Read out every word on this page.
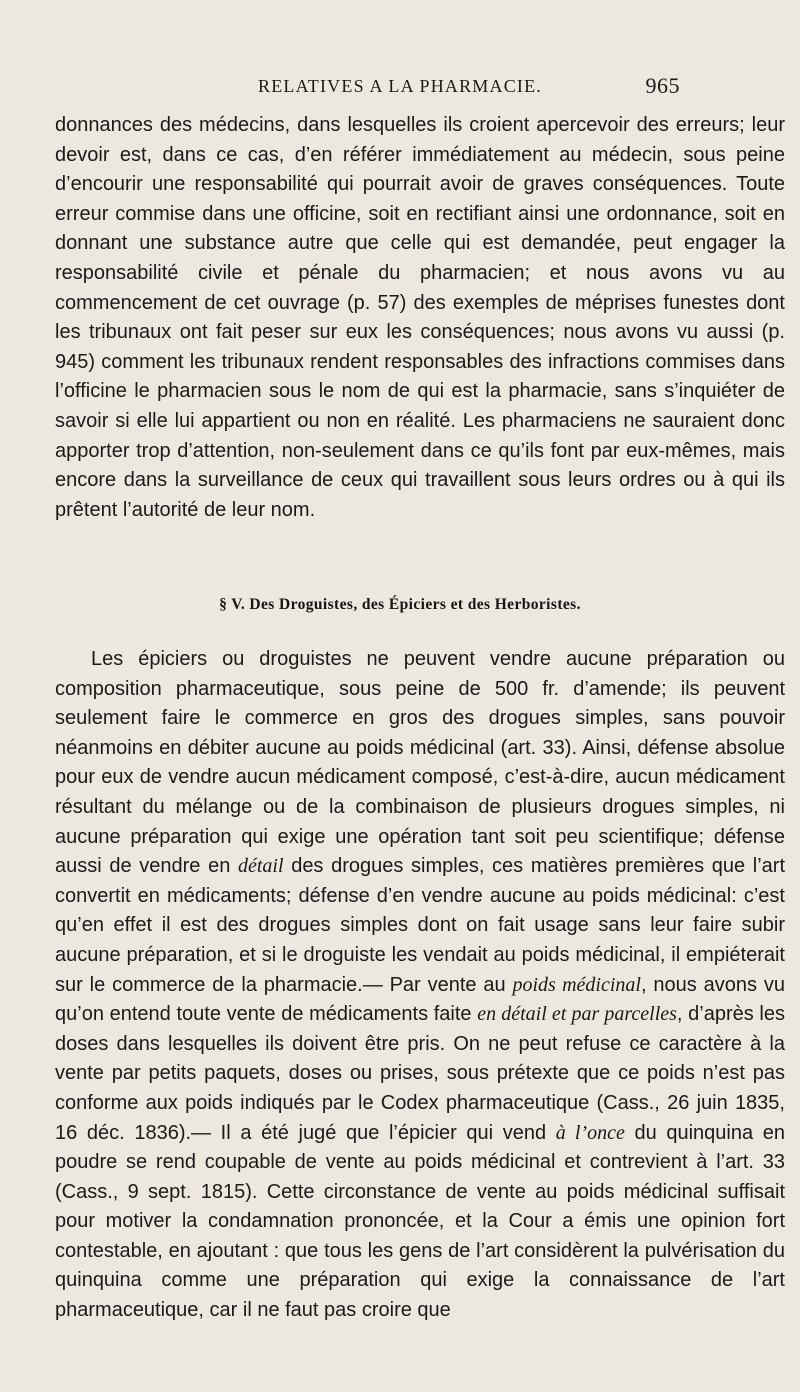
RELATIVES A LA PHARMACIE.	965

donnances des médecins, dans lesquelles ils croient apercevoir des erreurs; leur devoir est, dans ce cas, d’en référer immédiatement au médecin, sous peine d’encourir une responsabilité qui pourrait avoir de graves conséquences. Toute erreur commise dans une officine, soit en rectifiant ainsi une ordonnance, soit en donnant une substance autre que celle qui est demandée, peut engager la responsabilité civile et pénale du pharmacien; et nous avons vu au commencement de cet ouvrage (p. 57) des exemples de méprises funestes dont les tribunaux ont fait peser sur eux les conséquences; nous avons vu aussi (p. 945) comment les tribunaux rendent responsables des infractions commises dans l’officine le pharmacien sous le nom de qui est la pharmacie, sans s’inquiéter de savoir si elle lui appartient ou non en réalité. Les pharmaciens ne sauraient donc apporter trop d’attention, non-seulement dans ce qu’ils font par eux-mêmes, mais encore dans la surveillance de ceux qui travaillent sous leurs ordres ou à qui ils prêtent l’autorité de leur nom.

§ V. Des Droguistes, des Épiciers et des Herboristes.

Les épiciers ou droguistes ne peuvent vendre aucune préparation ou composition pharmaceutique, sous peine de 500 fr. d’amende; ils peuvent seulement faire le commerce en gros des drogues simples, sans pouvoir néanmoins en débiter aucune au poids médicinal (art. 33). Ainsi, défense absolue pour eux de vendre aucun médicament composé, c’est-à-dire, aucun médicament résultant du mélange ou de la combinaison de plusieurs drogues simples, ni aucune préparation qui exige une opération tant soit peu scientifique; défense aussi de vendre en détail des drogues simples, ces matières premières que l’art convertit en médicaments; défense d’en vendre aucune au poids médicinal: c’est qu’en effet il est des drogues simples dont on fait usage sans leur faire subir aucune préparation, et si le droguiste les vendait au poids médicinal, il empiéterait sur le commerce de la pharmacie.— Par vente au poids médicinal, nous avons vu qu’on entend toute vente de médicaments faite en détail et par parcelles, d’après les doses dans lesquelles ils doivent être pris. On ne peut refuse ce caractère à la vente par petits paquets, doses ou prises, sous prétexte que ce poids n’est pas conforme aux poids indiqués par le Codex pharmaceutique (Cass., 26 juin 1835, 16 déc. 1836).— Il a été jugé que l’épicier qui vend à l’once du quinquina en poudre se rend coupable de vente au poids médicinal et contrevient à l’art. 33 (Cass., 9 sept. 1815). Cette circonstance de vente au poids médicinal suffisait pour motiver la condamnation prononcée, et la Cour a émis une opinion fort contestable, en ajoutant : que tous les gens de l’art considèrent la pulvérisation du quinquina comme une préparation qui exige la connaissance de l’art pharmaceutique, car il ne faut pas croire que
